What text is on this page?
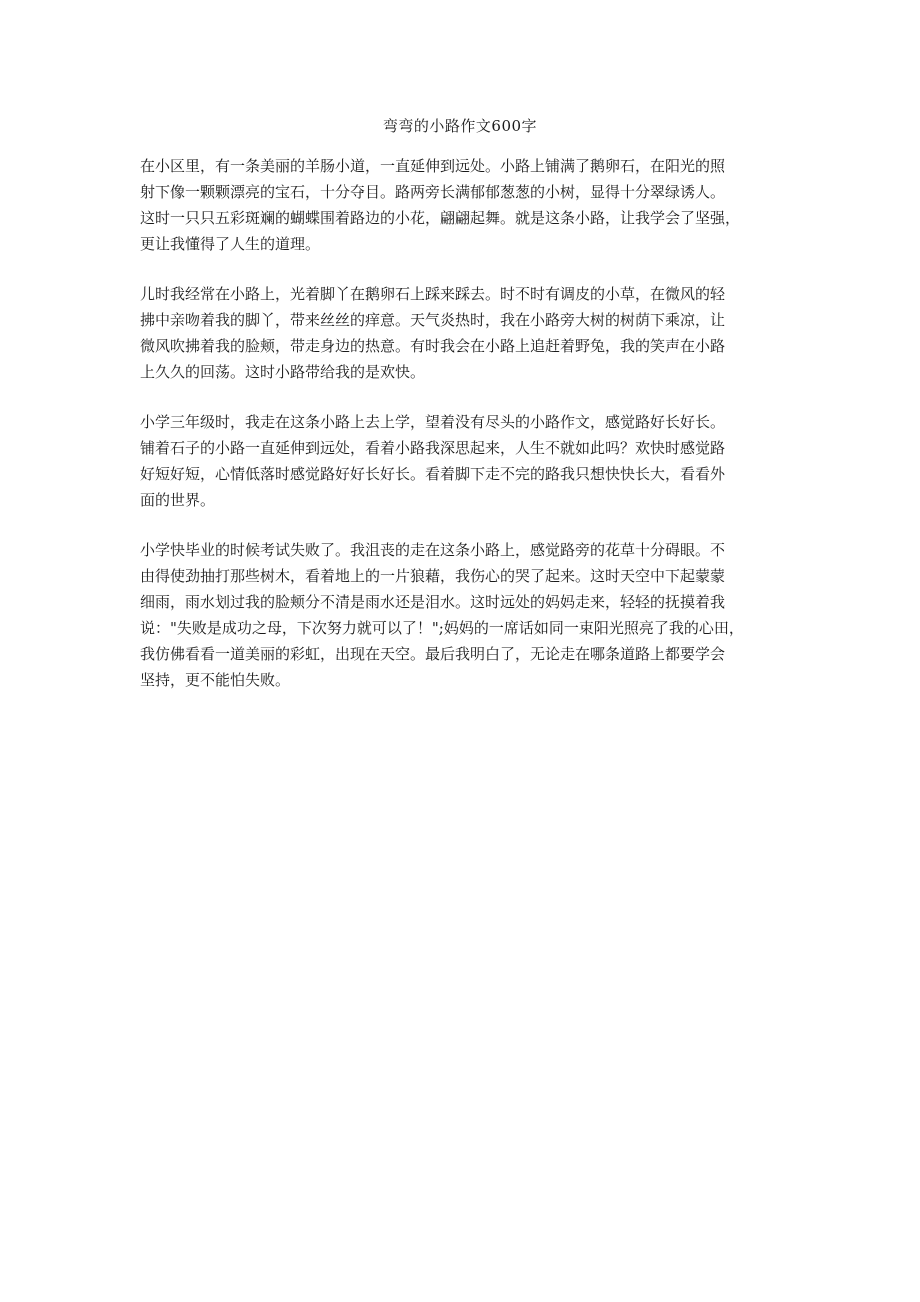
弯弯的小路作文600字

在小区里，有一条美丽的羊肠小道，一直延伸到远处。小路上铺满了鹅卵石，在阳光的照
射下像一颗颗漂亮的宝石，十分夺目。路两旁长满郁郁葱葱的小树，显得十分翠绿诱人。
这时一只只五彩斑斓的蝴蝶围着路边的小花，翩翩起舞。就是这条小路，让我学会了坚强，
更让我懂得了人生的道理。

儿时我经常在小路上，光着脚丫在鹅卵石上踩来踩去。时不时有调皮的小草，在微风的轻
拂中亲吻着我的脚丫，带来丝丝的痒意。天气炎热时，我在小路旁大树的树荫下乘凉，让
微风吹拂着我的脸颊，带走身边的热意。有时我会在小路上追赶着野兔，我的笑声在小路
上久久的回荡。这时小路带给我的是欢快。

小学三年级时，我走在这条小路上去上学，望着没有尽头的小路作文，感觉路好长好长。
铺着石子的小路一直延伸到远处，看着小路我深思起来，人生不就如此吗？欢快时感觉路
好短好短，心情低落时感觉路好好长好长。看着脚下走不完的路我只想快快长大，看看外
面的世界。

小学快毕业的时候考试失败了。我沮丧的走在这条小路上，感觉路旁的花草十分碍眼。不
由得使劲抽打那些树木，看着地上的一片狼藉，我伤心的哭了起来。这时天空中下起蒙蒙
细雨，雨水划过我的脸颊分不清是雨水还是泪水。这时远处的妈妈走来，轻轻的抚摸着我
说："失败是成功之母，下次努力就可以了！";妈妈的一席话如同一束阳光照亮了我的心田，
我仿佛看看一道美丽的彩虹，出现在天空。最后我明白了，无论走在哪条道路上都要学会
坚持，更不能怕失败。
